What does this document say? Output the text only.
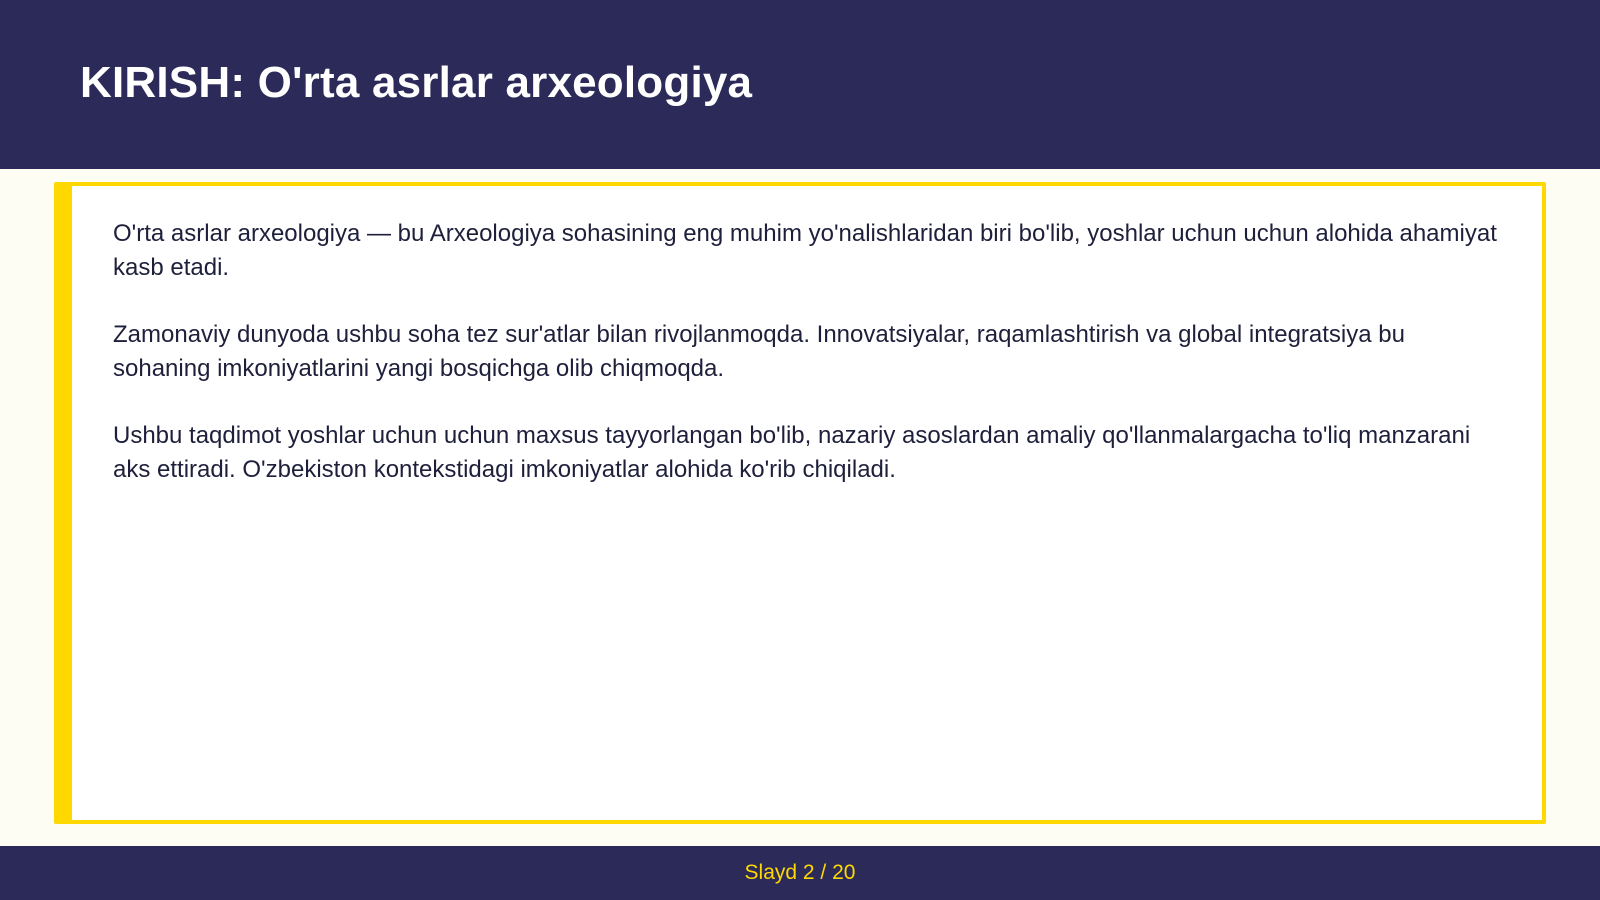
KIRISH: O'rta asrlar arxeologiya

O'rta asrlar arxeologiya — bu Arxeologiya sohasining eng muhim yo'nalishlaridan biri bo'lib, yoshlar uchun uchun alohida ahamiyat kasb etadi.

Zamonaviy dunyoda ushbu soha tez sur'atlar bilan rivojlanmoqda. Innovatsiyalar, raqamlashtirish va global integratsiya bu sohaning imkoniyatlarini yangi bosqichga olib chiqmoqda.

Ushbu taqdimot yoshlar uchun uchun maxsus tayyorlangan bo'lib, nazariy asoslardan amaliy qo'llanmalargacha to'liq manzarani aks ettiradi. O'zbekiston kontekstidagi imkoniyatlar alohida ko'rib chiqiladi.

Slayd 2 / 20
